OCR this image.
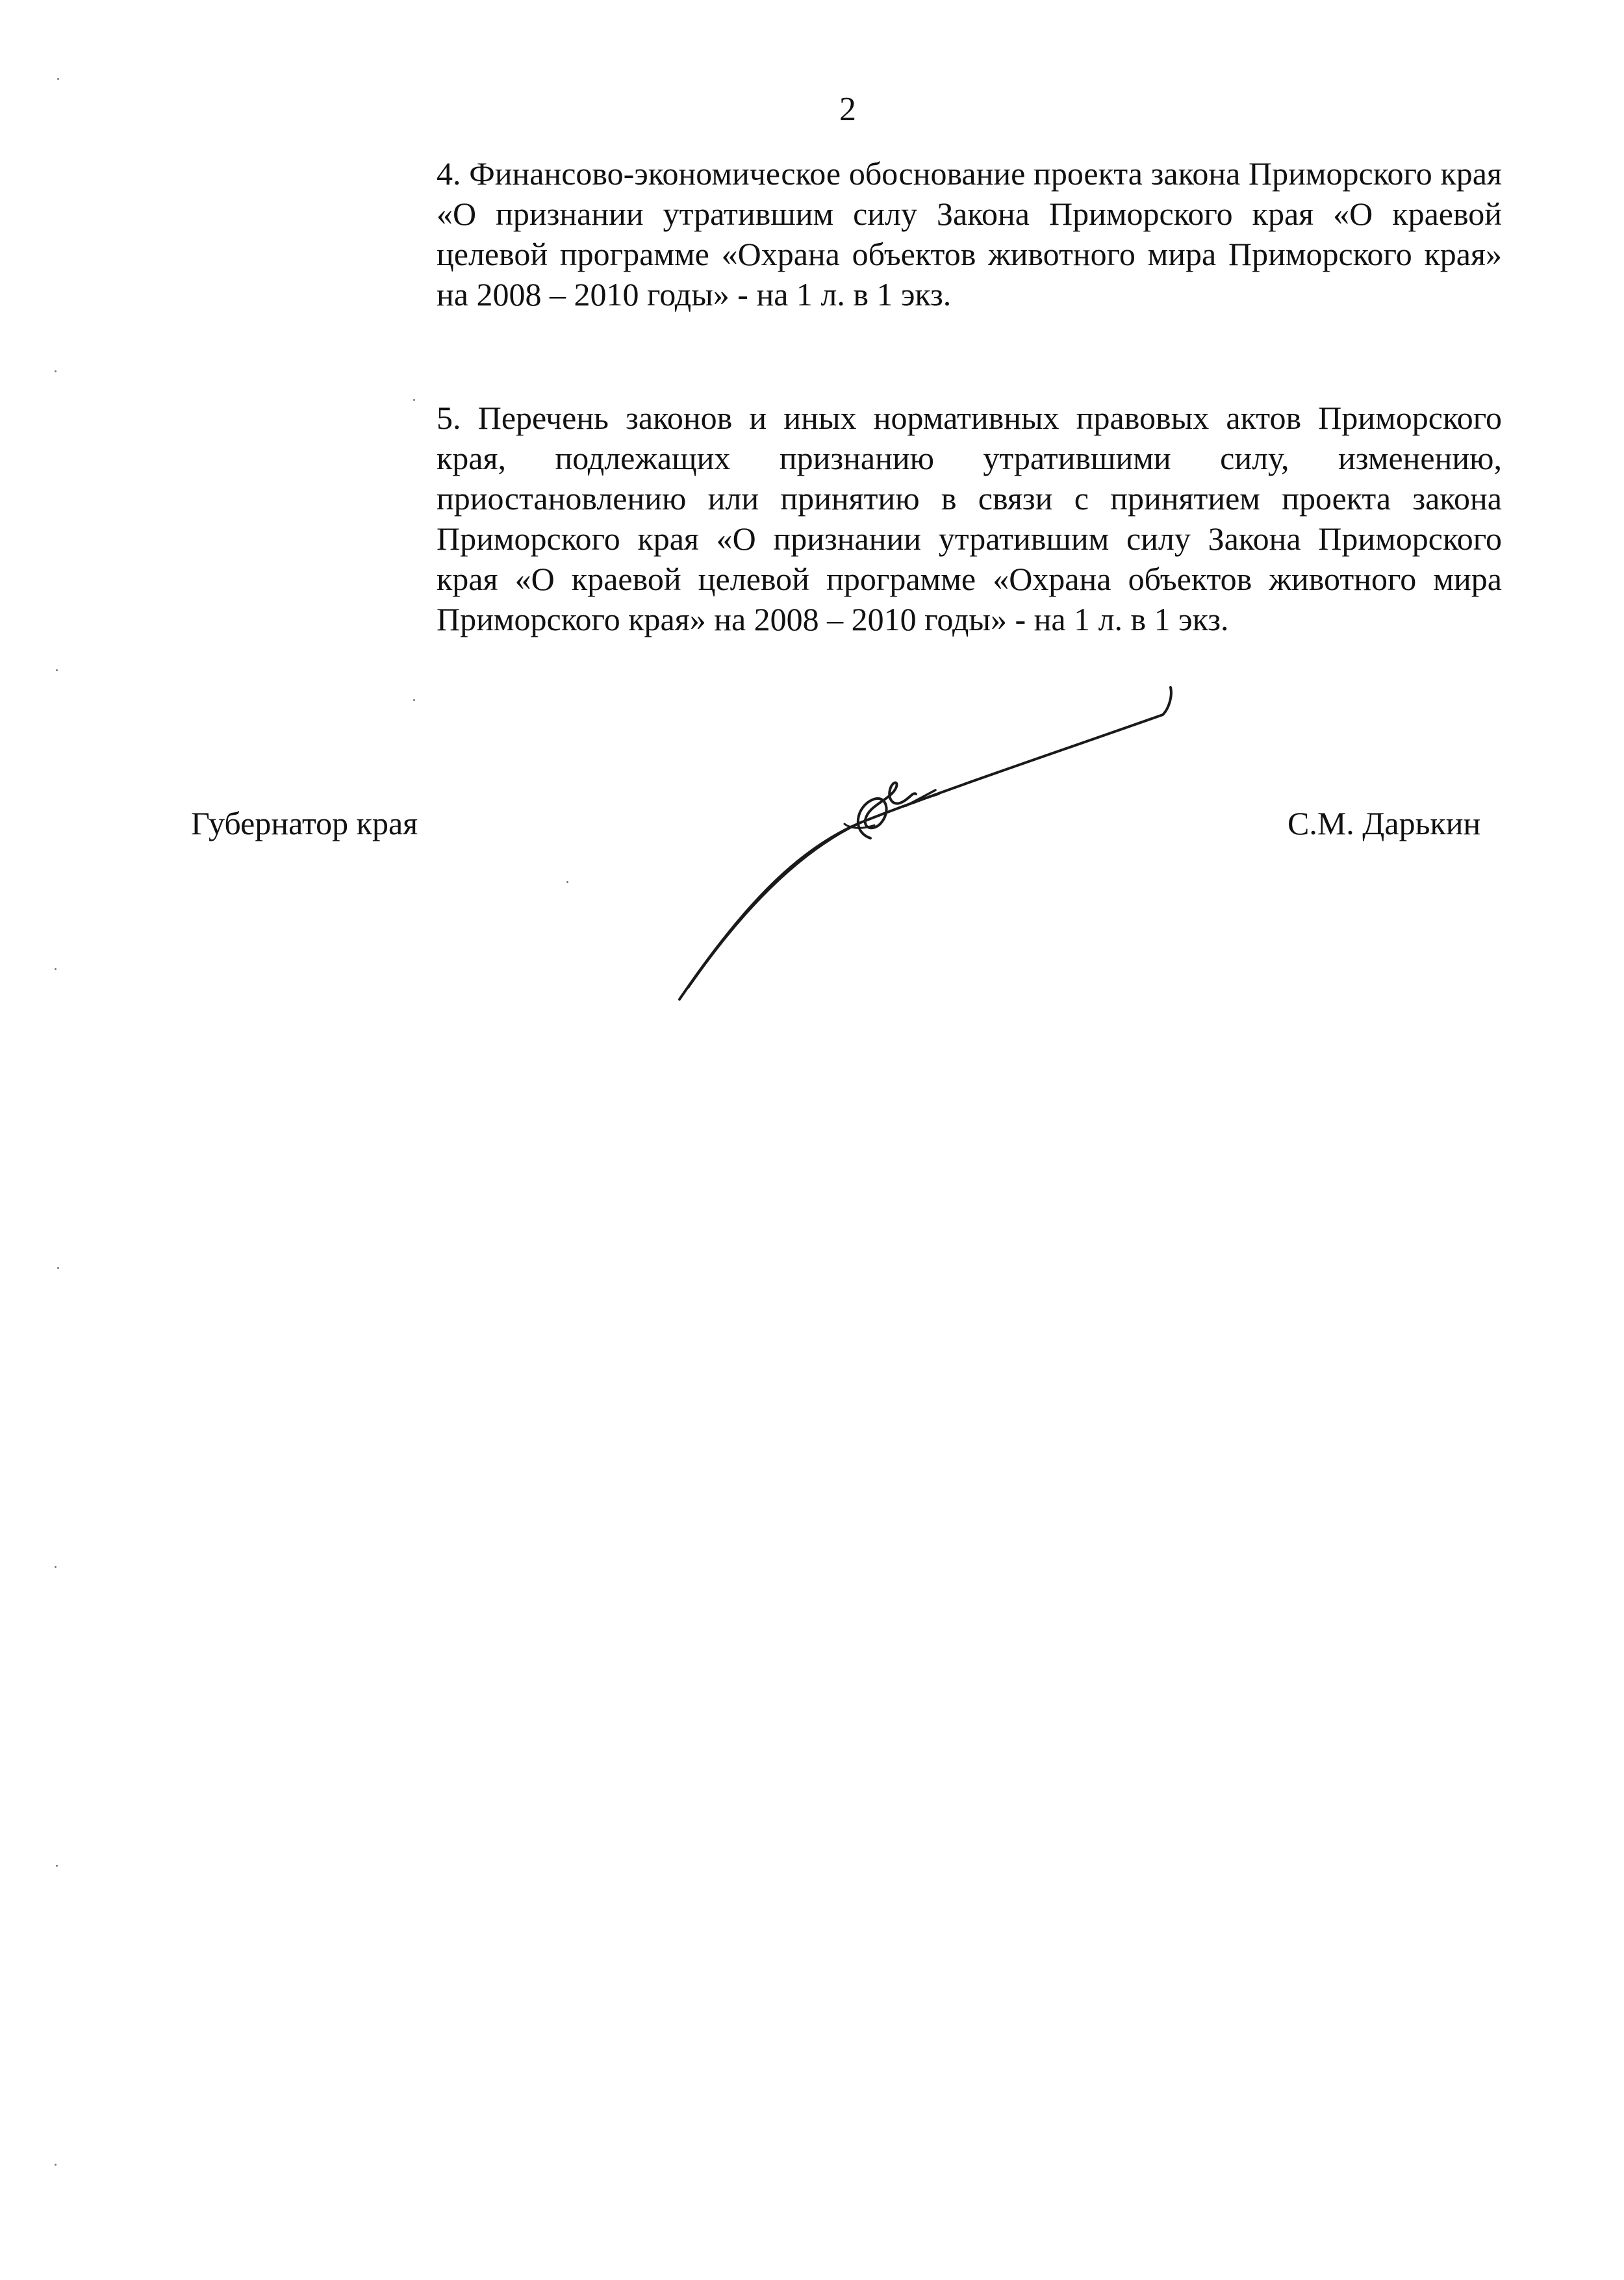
2
4. Финансово-экономическое обоснование проекта закона Приморского края «О признании утратившим силу Закона Приморского края «О краевой целевой программе «Охрана объектов животного мира Приморского края» на 2008 – 2010 годы» - на 1 л. в 1 экз.
5. Перечень законов и иных нормативных правовых актов Приморского края, подлежащих признанию утратившими силу, изменению, приостановлению или принятию в связи с принятием проекта закона Приморского края «О признании утратившим силу Закона Приморского края «О краевой целевой программе «Охрана объектов животного мира Приморского края» на 2008 – 2010 годы» - на 1 л. в 1 экз.
Губернатор края	С.М. Дарькин
